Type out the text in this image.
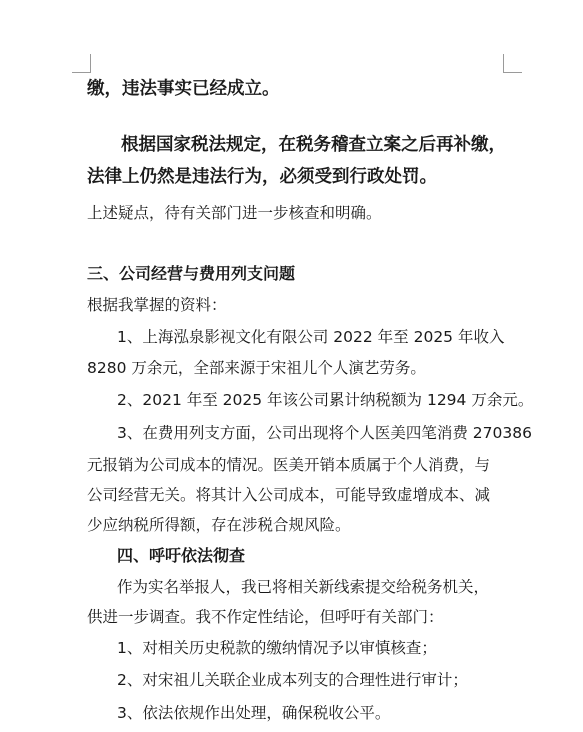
缴，违法事实已经成立。
根据国家税法规定，在税务稽查立案之后再补缴，
法律上仍然是违法行为，必须受到行政处罚。
上述疑点，待有关部门进一步核查和明确。
三、公司经营与费用列支问题
根据我掌握的资料：
1、上海泓泉影视文化有限公司 2022 年至 2025 年收入
8280 万余元，全部来源于宋祖儿个人演艺劳务。
2、2021 年至 2025 年该公司累计纳税额为 1294 万余元。
3、在费用列支方面，公司出现将个人医美四笔消费 270386
元报销为公司成本的情况。医美开销本质属于个人消费，与
公司经营无关。将其计入公司成本，可能导致虚增成本、减
少应纳税所得额，存在涉税合规风险。
四、呼吁依法彻查
作为实名举报人，我已将相关新线索提交给税务机关，
供进一步调查。我不作定性结论，但呼吁有关部门：
1、对相关历史税款的缴纳情况予以审慎核查；
2、对宋祖儿关联企业成本列支的合理性进行审计；
3、依法依规作出处理，确保税收公平。
